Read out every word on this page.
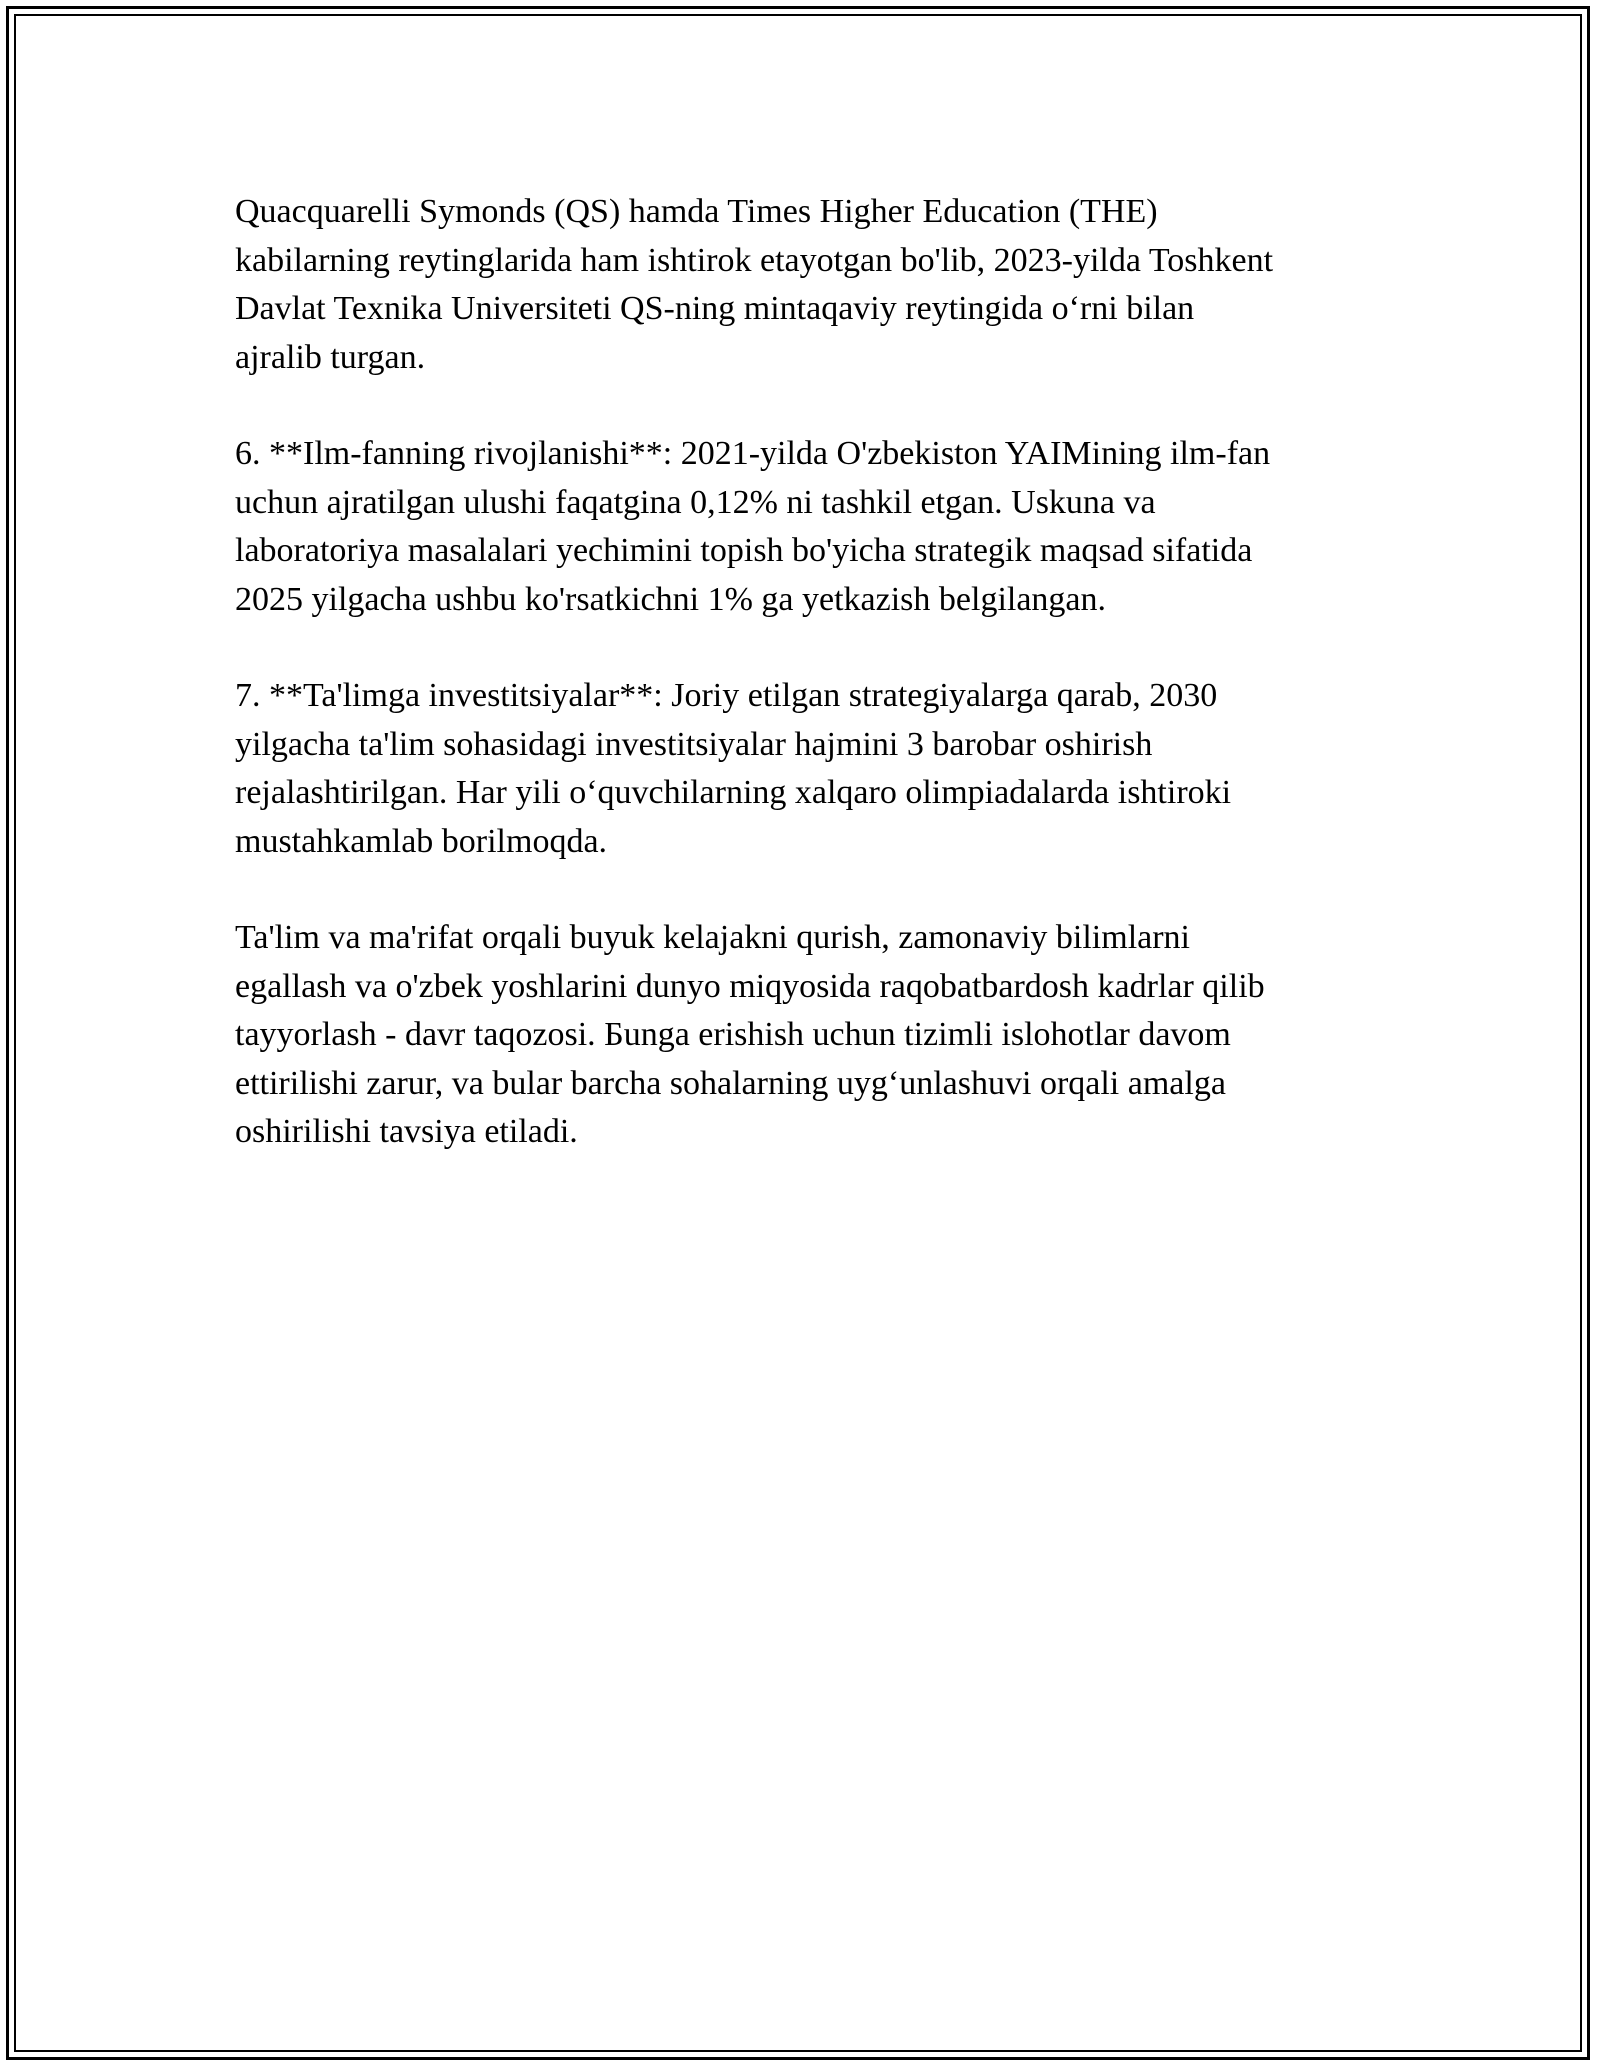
Quacquarelli Symonds (QS) hamda Times Higher Education (THE)
kabilarning reytinglarida ham ishtirok etayotgan bo'lib, 2023-yilda Toshkent
Davlat Texnika Universiteti QS-ning mintaqaviy reytingida o‘rni bilan
ajralib turgan.

6. **Ilm-fanning rivojlanishi**: 2021-yilda O'zbekiston YAIMining ilm-fan
uchun ajratilgan ulushi faqatgina 0,12% ni tashkil etgan. Uskuna va
laboratoriya masalalari yechimini topish bo'yicha strategik maqsad sifatida
2025 yilgacha ushbu ko'rsatkichni 1% ga yetkazish belgilangan.

7. **Ta'limga investitsiyalar**: Joriy etilgan strategiyalarga qarab, 2030
yilgacha ta'lim sohasidagi investitsiyalar hajmini 3 barobar oshirish
rejalashtirilgan. Har yili o‘quvchilarning xalqaro olimpiadalarda ishtiroki
mustahkamlab borilmoqda.

Ta'lim va ma'rifat orqali buyuk kelajakni qurish, zamonaviy bilimlarni
egallash va o'zbek yoshlarini dunyo miqyosida raqobatbardosh kadrlar qilib
tayyorlash - davr taqozosi. Бunga erishish uchun tizimli islohotlar davom
ettirilishi zarur, va bular barcha sohalarning uyg‘unlashuvi orqali amalga
oshirilishi tavsiya etiladi.
